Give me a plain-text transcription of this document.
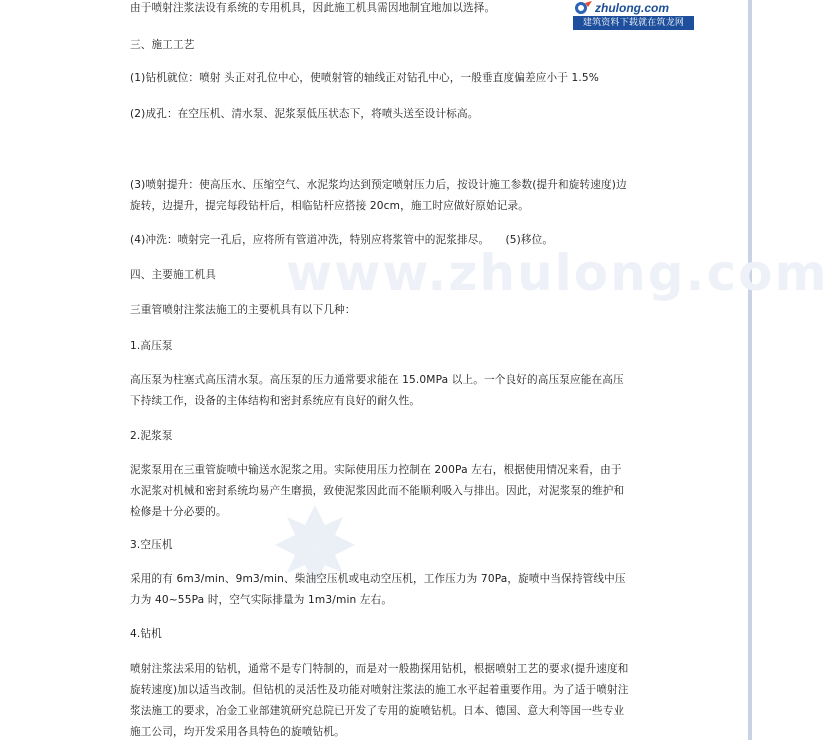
www.zhulong.com
zhulong.com
建筑资料下载就在筑龙网

由于喷射注浆法设有系统的专用机具，因此施工机具需因地制宜地加以选择。

三、施工工艺

(1)钻机就位：喷射 头正对孔位中心，使喷射管的轴线正对钻孔中心，一般垂直度偏差应小于 1.5%

(2)成孔：在空压机、清水泵、泥浆泵低压状态下，将喷头送至设计标高。

(3)喷射提升：使高压水、压缩空气、水泥浆均达到预定喷射压力后，按设计施工参数(提升和旋转速度)边旋转，边提升，提完每段钻杆后，相临钻杆应搭接 20cm，施工时应做好原始记录。

(4)冲洗：喷射完一孔后，应将所有管道冲洗，特别应将浆管中的泥浆排尽。　　(5)移位。

四、主要施工机具

三重管喷射注浆法施工的主要机具有以下几种：

1.高压泵

高压泵为柱塞式高压清水泵。高压泵的压力通常要求能在 15.0MPa 以上。一个良好的高压泵应能在高压下持续工作，设备的主体结构和密封系统应有良好的耐久性。

2.泥浆泵

泥浆泵用在三重管旋喷中输送水泥浆之用。实际使用压力控制在 200Pa 左右，根据使用情况来看，由于水泥浆对机械和密封系统均易产生磨损，致使泥浆因此而不能顺利吸入与排出。因此，对泥浆泵的维护和检修是十分必要的。

3.空压机

采用的有 6m3/min、9m3/min、柴油空压机或电动空压机，工作压力为 70Pa，旋喷中当保持管线中压力为 40~55Pa 时，空气实际排量为 1m3/min 左右。

4.钻机

喷射注浆法采用的钻机，通常不是专门特制的，而是对一般勘探用钻机，根据喷射工艺的要求(提升速度和旋转速度)加以适当改制。但钻机的灵活性及功能对喷射注浆法的施工水平起着重要作用。为了适于喷射注浆法施工的要求，冶金工业部建筑研究总院已开发了专用的旋喷钻机。日本、德国、意大利等国一些专业施工公司，均开发采用各具特色的旋喷钻机。
